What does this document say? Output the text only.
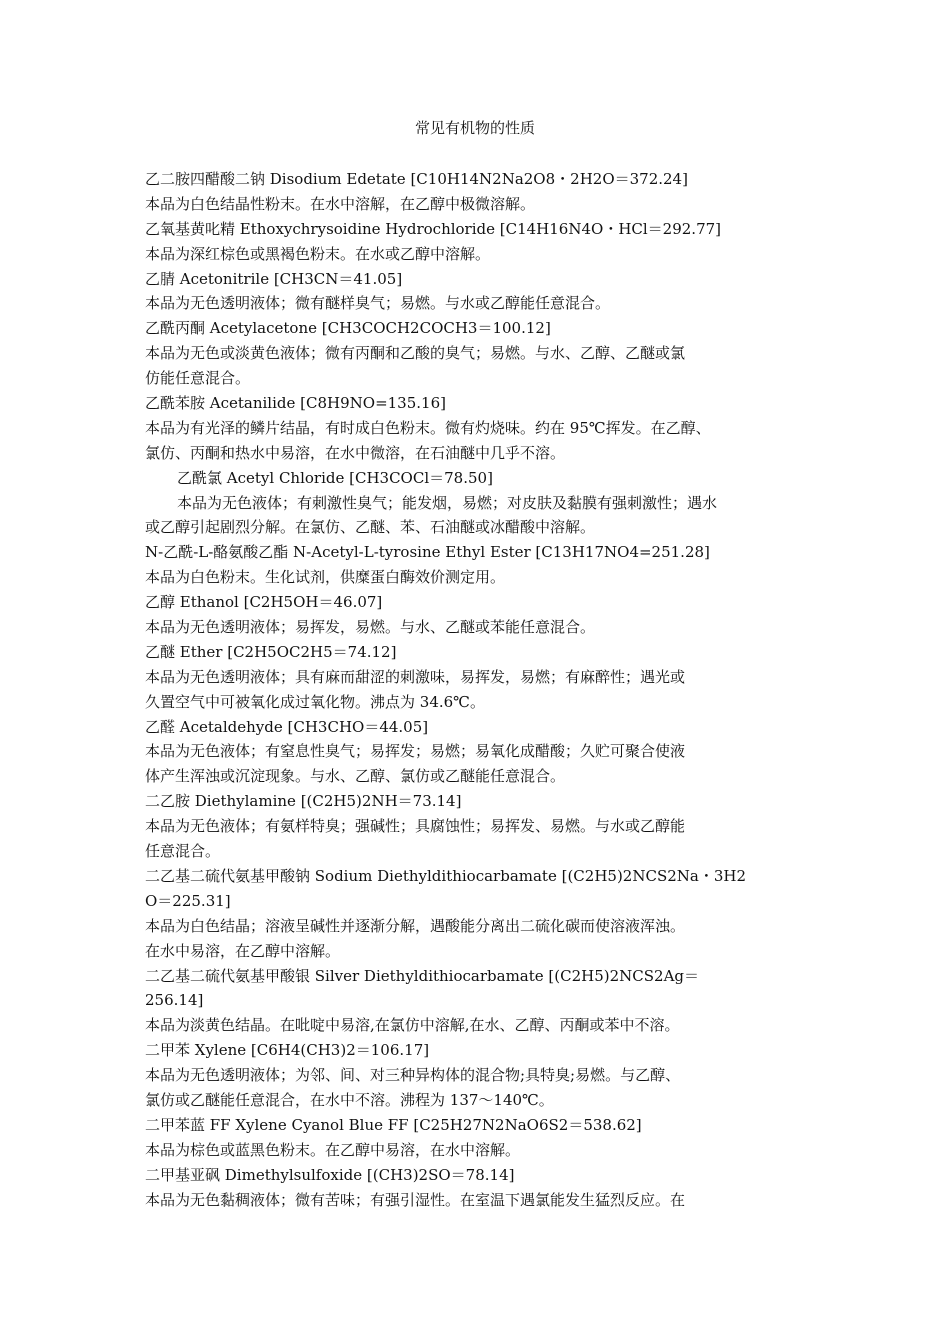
常见有机物的性质
乙二胺四醋酸二钠 Disodium Edetate [C10H14N2Na2O8・2H2O＝372.24]
本品为白色结晶性粉末。在水中溶解，在乙醇中极微溶解。
乙氧基黄叱精 Ethoxychrysoidine Hydrochloride [C14H16N4O・HCl＝292.77]
本品为深红棕色或黑褐色粉末。在水或乙醇中溶解。
乙腈 Acetonitrile [CH3CN＝41.05]
本品为无色透明液体；微有醚样臭气；易燃。与水或乙醇能任意混合。
乙酰丙酮 Acetylacetone [CH3COCH2COCH3＝100.12]
本品为无色或淡黄色液体；微有丙酮和乙酸的臭气；易燃。与水、乙醇、乙醚或氯
仿能任意混合。
乙酰苯胺 Acetanilide [C8H9NO=135.16]
本品为有光泽的鳞片结晶，有时成白色粉末。微有灼烧味。约在 95℃挥发。在乙醇、
氯仿、丙酮和热水中易溶，在水中微溶，在石油醚中几乎不溶。
乙酰氯 Acetyl Chloride [CH3COCl＝78.50]
本品为无色液体；有刺激性臭气；能发烟，易燃；对皮肤及黏膜有强刺激性；遇水
或乙醇引起剧烈分解。在氯仿、乙醚、苯、石油醚或冰醋酸中溶解。
N-乙酰-L-酪氨酸乙酯 N-Acetyl-L-tyrosine Ethyl Ester [C13H17NO4=251.28]
本品为白色粉末。生化试剂，供糜蛋白酶效价测定用。
乙醇 Ethanol [C2H5OH＝46.07]
本品为无色透明液体；易挥发，易燃。与水、乙醚或苯能任意混合。
乙醚 Ether [C2H5OC2H5＝74.12]
本品为无色透明液体；具有麻而甜涩的刺激味，易挥发，易燃；有麻醉性；遇光或
久置空气中可被氧化成过氧化物。沸点为 34.6℃。
乙醛 Acetaldehyde [CH3CHO＝44.05]
本品为无色液体；有窒息性臭气；易挥发；易燃；易氧化成醋酸；久贮可聚合使液
体产生浑浊或沉淀现象。与水、乙醇、氯仿或乙醚能任意混合。
二乙胺 Diethylamine [(C2H5)2NH＝73.14]
本品为无色液体；有氨样特臭；强碱性；具腐蚀性；易挥发、易燃。与水或乙醇能
任意混合。
二乙基二硫代氨基甲酸钠 Sodium Diethyldithiocarbamate [(C2H5)2NCS2Na・3H2
O＝225.31]
本品为白色结晶；溶液呈碱性并逐渐分解，遇酸能分离出二硫化碳而使溶液浑浊。
在水中易溶，在乙醇中溶解。
二乙基二硫代氨基甲酸银 Silver Diethyldithiocarbamate [(C2H5)2NCS2Ag＝
256.14]
本品为淡黄色结晶。在吡啶中易溶,在氯仿中溶解,在水、乙醇、丙酮或苯中不溶。
二甲苯 Xylene [C6H4(CH3)2＝106.17]
本品为无色透明液体；为邻、间、对三种异构体的混合物;具特臭;易燃。与乙醇、
氯仿或乙醚能任意混合，在水中不溶。沸程为 137～140℃。
二甲苯蓝 FF Xylene Cyanol Blue FF [C25H27N2NaO6S2＝538.62]
本品为棕色或蓝黑色粉末。在乙醇中易溶，在水中溶解。
二甲基亚砜 Dimethylsulfoxide [(CH3)2SO＝78.14]
本品为无色黏稠液体；微有苦味；有强引湿性。在室温下遇氯能发生猛烈反应。在
